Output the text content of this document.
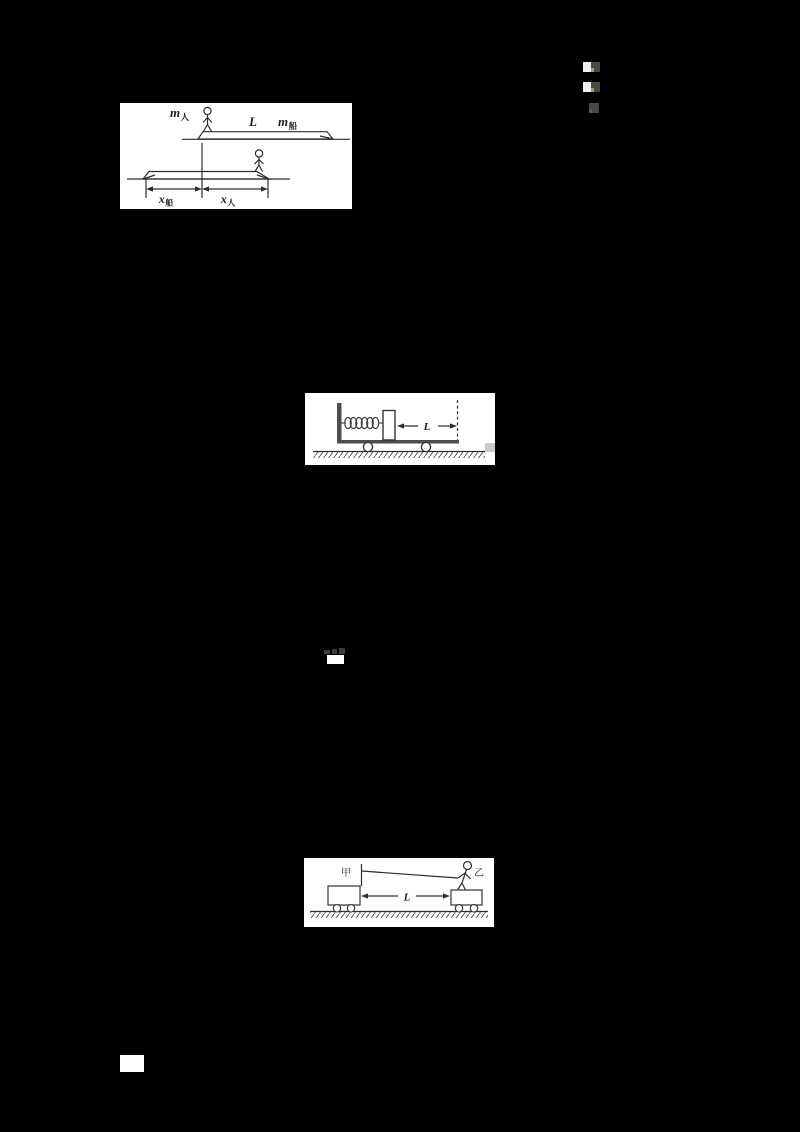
$m_人$	L $m_船$
$x_船$	$x_人$
L
甲
L
乙
